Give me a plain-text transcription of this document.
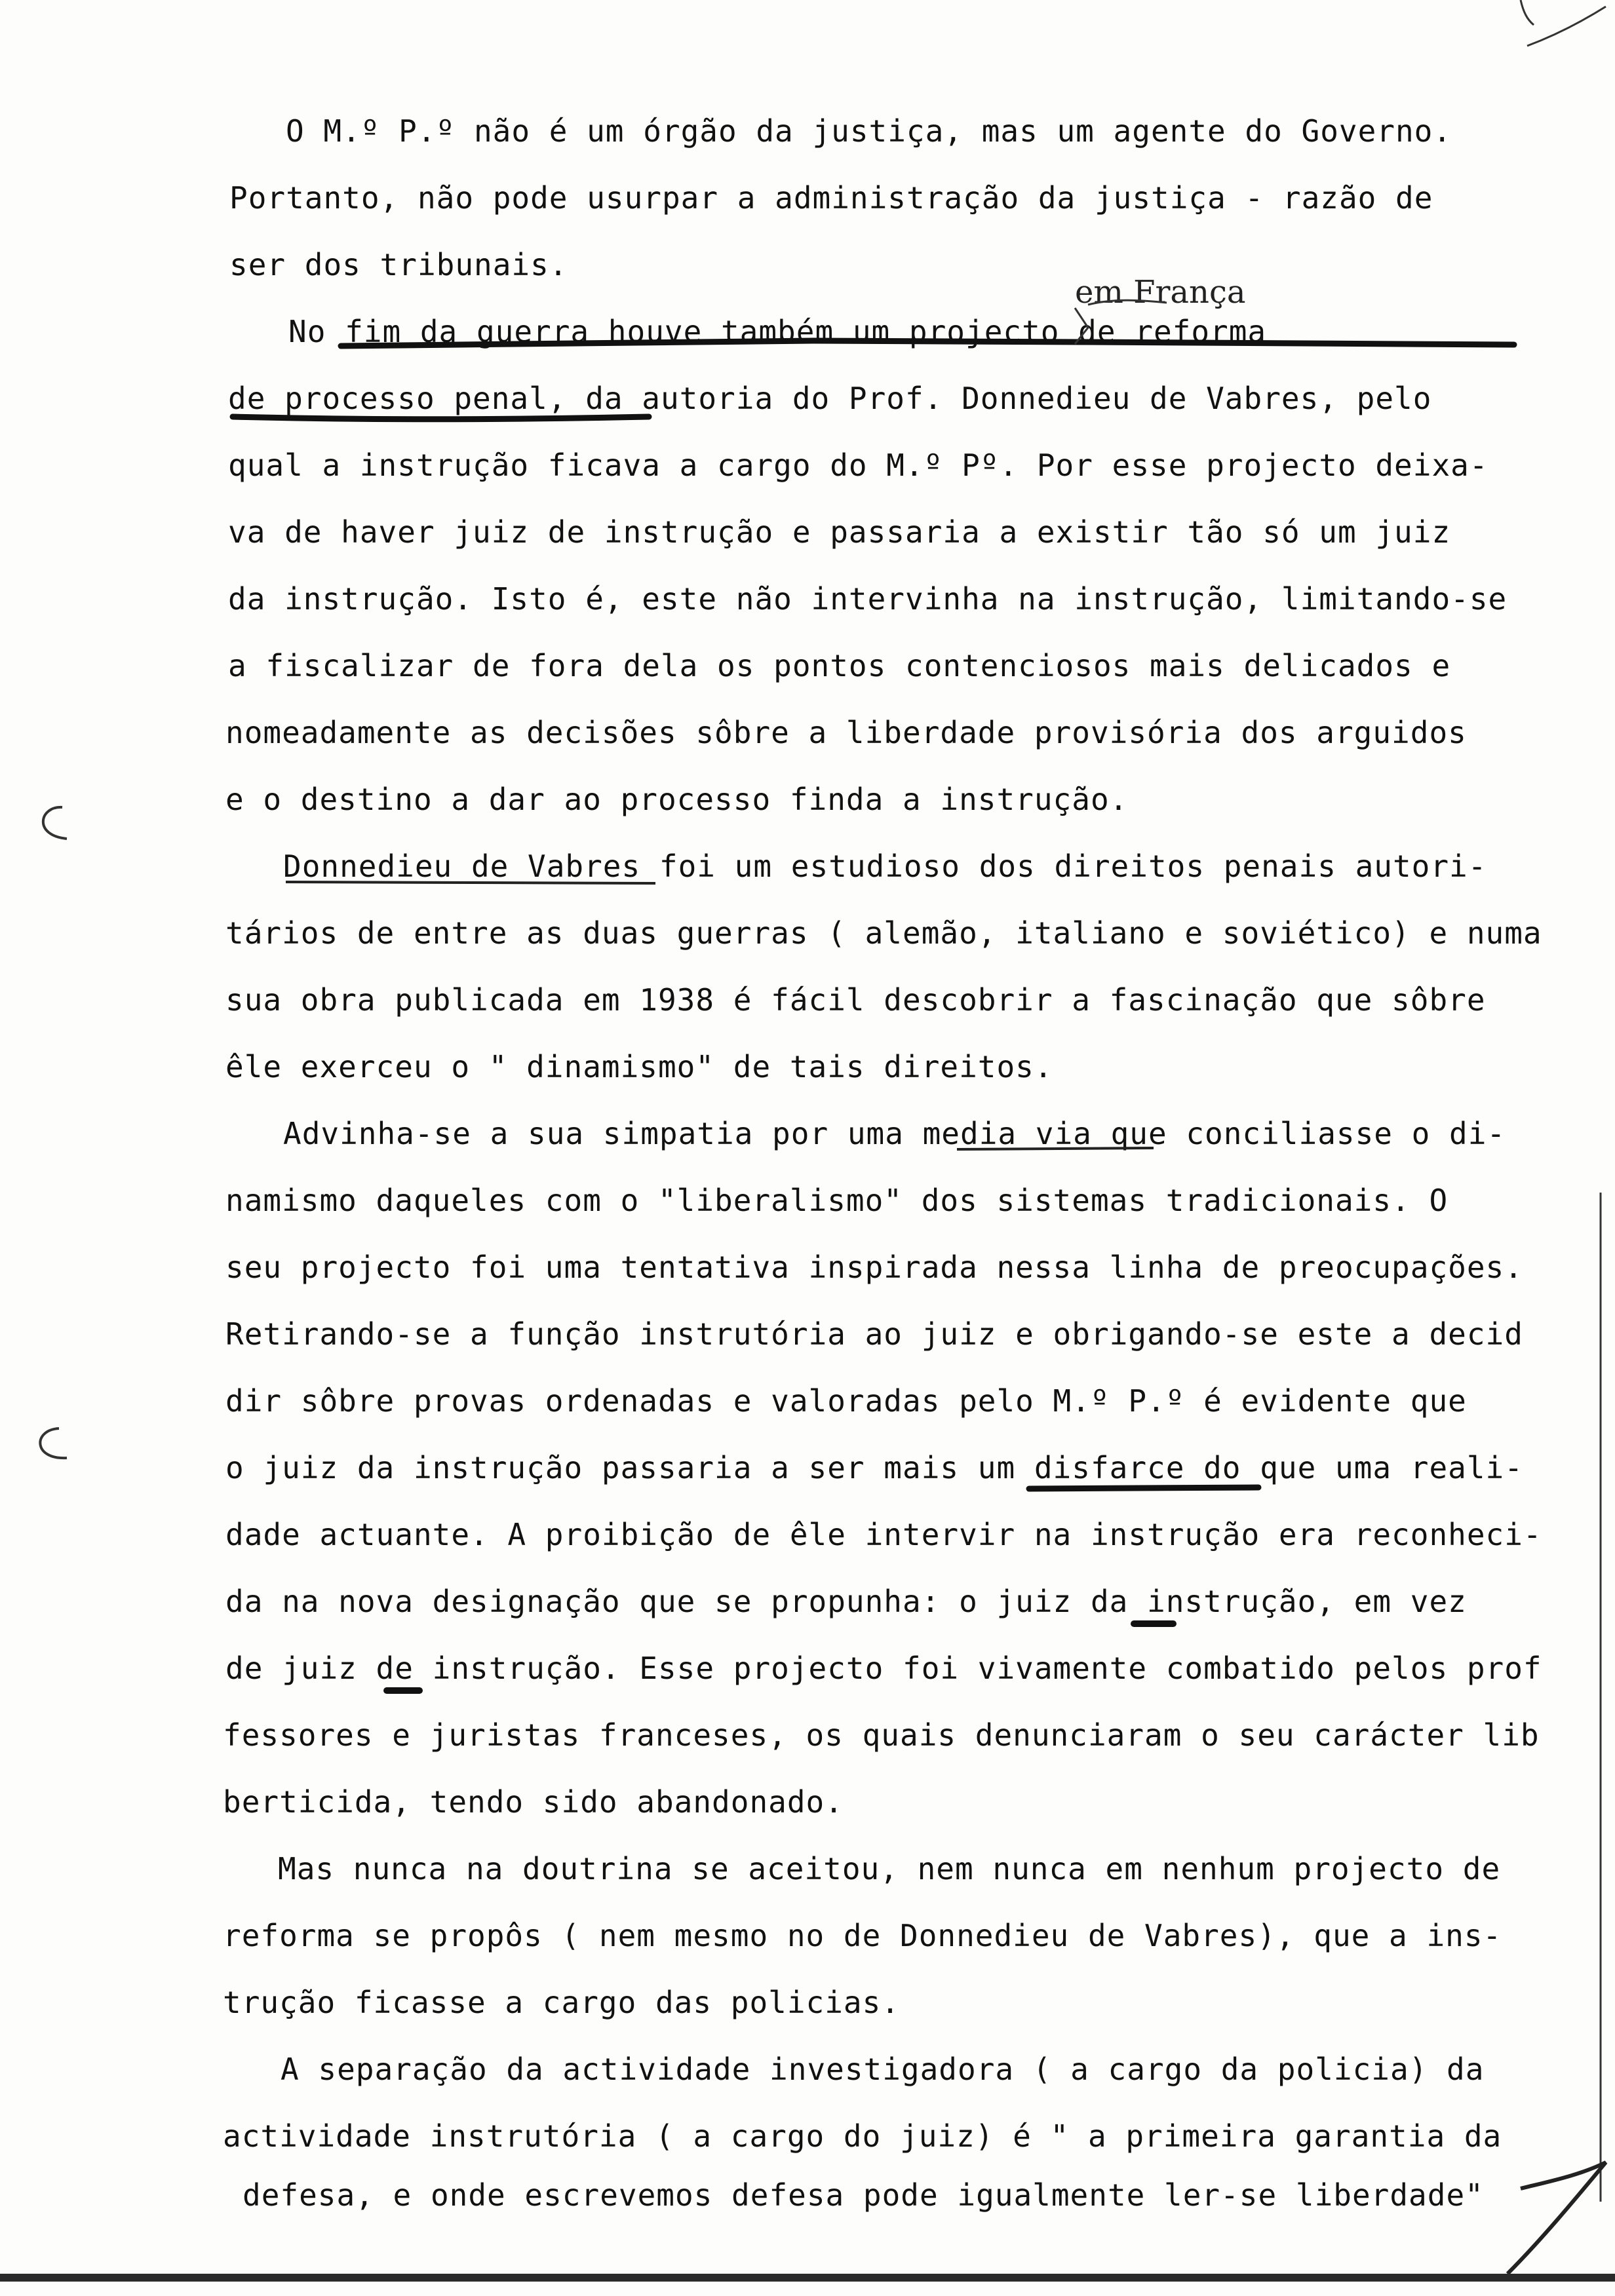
em França
O M.º P.º não é um órgão da justiça, mas um agente do Governo.
Portanto, não pode usurpar a administração da justiça - razão de
ser dos tribunais.
No fim da guerra houve também um projecto de reforma
de processo penal, da autoria do Prof. Donnedieu de Vabres, pelo
qual a instrução ficava a cargo do M.º Pº. Por esse projecto deixa-
va de haver juiz de instrução e passaria a existir tão só um juiz
da instrução. Isto é, este não intervinha na instrução, limitando-se
a fiscalizar de fora dela os pontos contenciosos mais delicados e
nomeadamente as decisões sôbre a liberdade provisória dos arguidos
e o destino a dar ao processo finda a instrução.
Donnedieu de Vabres foi um estudioso dos direitos penais autori-
tários de entre as duas guerras ( alemão, italiano e soviético) e numa
sua obra publicada em 1938 é fácil descobrir a fascinação que sôbre
êle exerceu o " dinamismo" de tais direitos.
Advinha-se a sua simpatia por uma media via que conciliasse o di-
namismo daqueles com o "liberalismo" dos sistemas tradicionais. O
seu projecto foi uma tentativa inspirada nessa linha de preocupações.
Retirando-se a função instrutória ao juiz e obrigando-se este a decid
dir sôbre provas ordenadas e valoradas pelo M.º P.º é evidente que
o juiz da instrução passaria a ser mais um disfarce do que uma reali-
dade actuante. A proibição de êle intervir na instrução era reconheci-
da na nova designação que se propunha: o juiz da instrução, em vez
de juiz de instrução. Esse projecto foi vivamente combatido pelos prof
fessores e juristas franceses, os quais denunciaram o seu carácter lib
berticida, tendo sido abandonado.
Mas nunca na doutrina se aceitou, nem nunca em nenhum projecto de
reforma se propôs ( nem mesmo no de Donnedieu de Vabres), que a ins-
trução ficasse a cargo das policias.
A separação da actividade investigadora ( a cargo da policia) da
actividade instrutória ( a cargo do juiz) é " a primeira garantia da
defesa, e onde escrevemos defesa pode igualmente ler-se liberdade"
